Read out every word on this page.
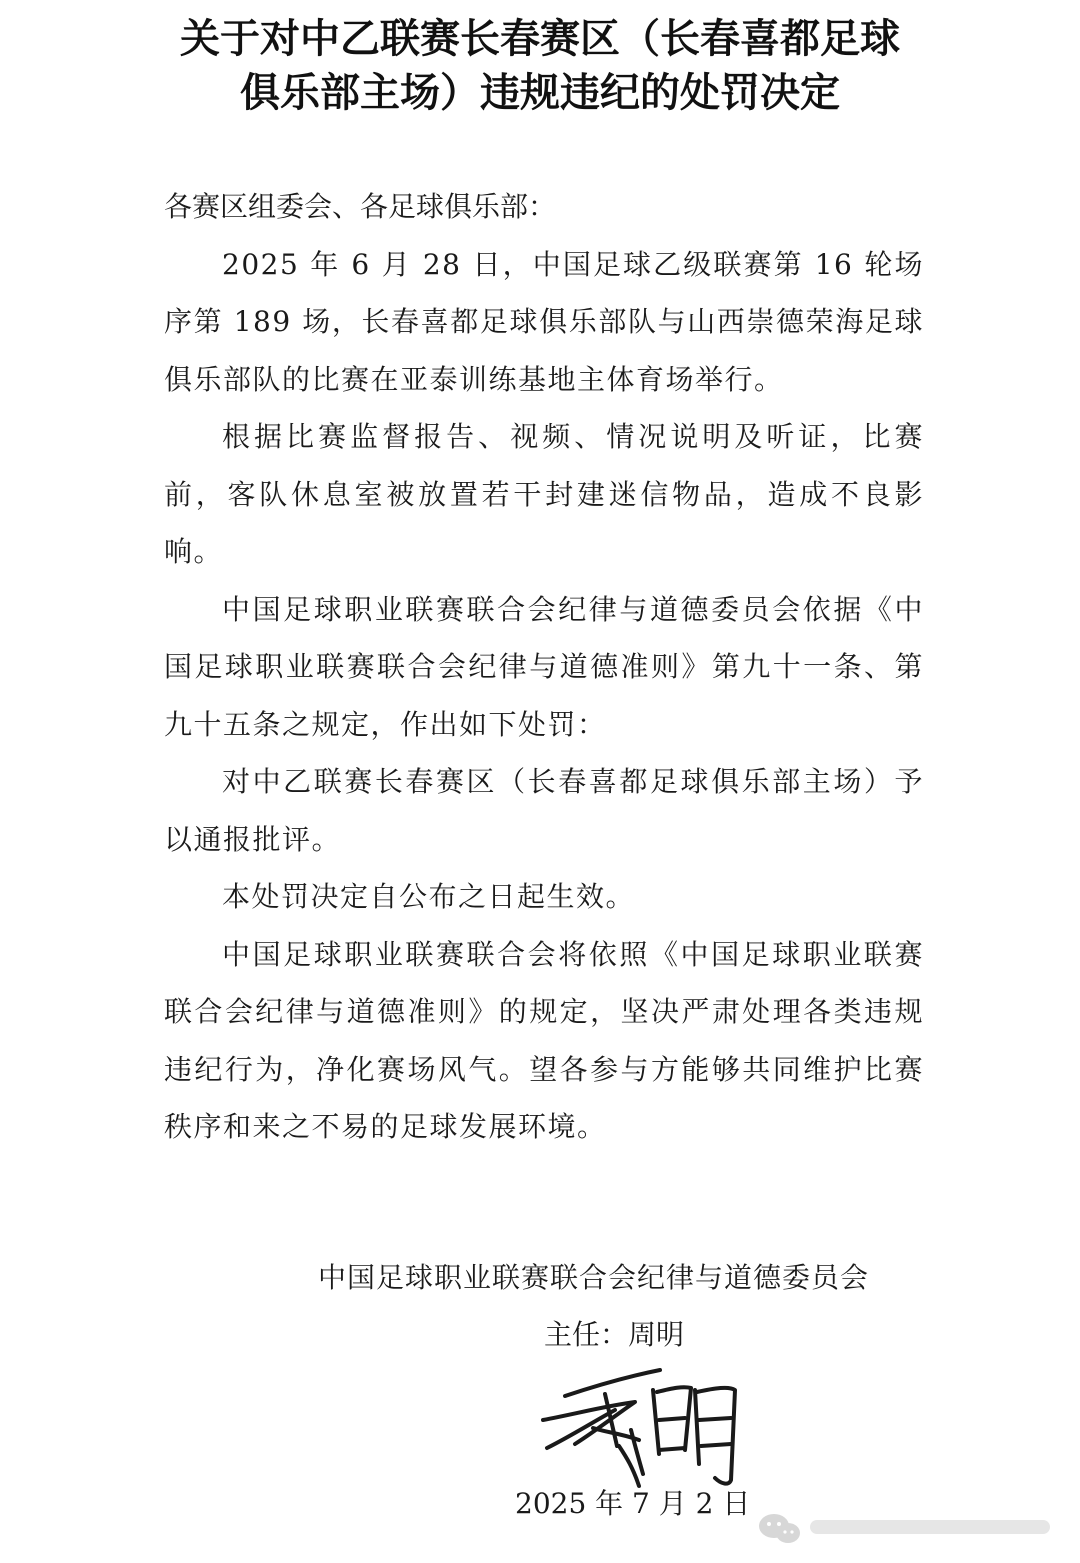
关于对中乙联赛长春赛区（长春喜都足球
俱乐部主场）违规违纪的处罚决定

各赛区组委会、各足球俱乐部：

2025 年 6 月 28 日，中国足球乙级联赛第 16 轮场序第 189 场，长春喜都足球俱乐部队与山西崇德荣海足球俱乐部队的比赛在亚泰训练基地主体育场举行。

根据比赛监督报告、视频、情况说明及听证，比赛前，客队休息室被放置若干封建迷信物品，造成不良影响。

中国足球职业联赛联合会纪律与道德委员会依据《中国足球职业联赛联合会纪律与道德准则》第九十一条、第九十五条之规定，作出如下处罚：

对中乙联赛长春赛区（长春喜都足球俱乐部主场）予以通报批评。

本处罚决定自公布之日起生效。

中国足球职业联赛联合会将依照《中国足球职业联赛联合会纪律与道德准则》的规定，坚决严肃处理各类违规违纪行为，净化赛场风气。望各参与方能够共同维护比赛秩序和来之不易的足球发展环境。

中国足球职业联赛联合会纪律与道德委员会
主任：周明
2025 年 7 月 2 日
